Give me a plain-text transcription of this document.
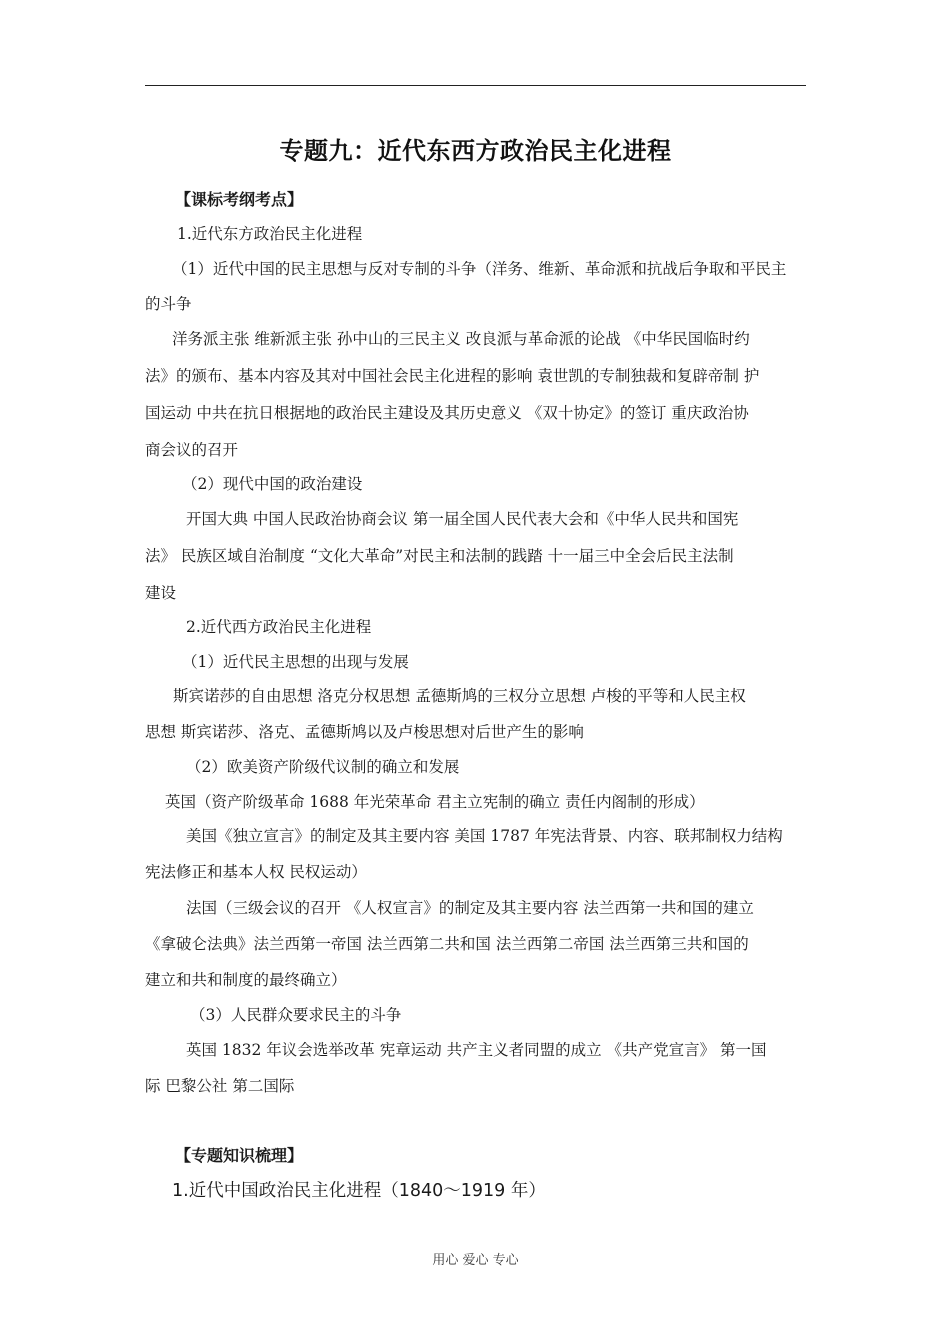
专题九：近代东西方政治民主化进程
【课标考纲考点】
1.近代东方政治民主化进程
（1）近代中国的民主思想与反对专制的斗争（洋务、维新、革命派和抗战后争取和平民主
的斗争
洋务派主张 维新派主张 孙中山的三民主义 改良派与革命派的论战 《中华民国临时约
法》的颁布、基本内容及其对中国社会民主化进程的影响 袁世凯的专制独裁和复辟帝制 护
国运动 中共在抗日根据地的政治民主建设及其历史意义 《双十协定》的签订 重庆政治协
商会议的召开
（2）现代中国的政治建设
开国大典 中国人民政治协商会议 第一届全国人民代表大会和《中华人民共和国宪
法》 民族区域自治制度 “文化大革命”对民主和法制的践踏 十一届三中全会后民主法制
建设
2.近代西方政治民主化进程
（1）近代民主思想的出现与发展
斯宾诺莎的自由思想 洛克分权思想 孟德斯鸠的三权分立思想 卢梭的平等和人民主权
思想 斯宾诺莎、洛克、孟德斯鸠以及卢梭思想对后世产生的影响
（2）欧美资产阶级代议制的确立和发展
英国（资产阶级革命 1688 年光荣革命 君主立宪制的确立 责任内阁制的形成）
美国《独立宣言》的制定及其主要内容 美国 1787 年宪法背景、内容、联邦制权力结构
宪法修正和基本人权 民权运动）
法国（三级会议的召开 《人权宣言》的制定及其主要内容 法兰西第一共和国的建立
《拿破仑法典》法兰西第一帝国 法兰西第二共和国 法兰西第二帝国 法兰西第三共和国的
建立和共和制度的最终确立）
（3）人民群众要求民主的斗争
英国 1832 年议会选举改革 宪章运动 共产主义者同盟的成立 《共产党宣言》 第一国
际 巴黎公社 第二国际
【专题知识梳理】
1.近代中国政治民主化进程（1840～1919 年）
用心 爱心 专心
